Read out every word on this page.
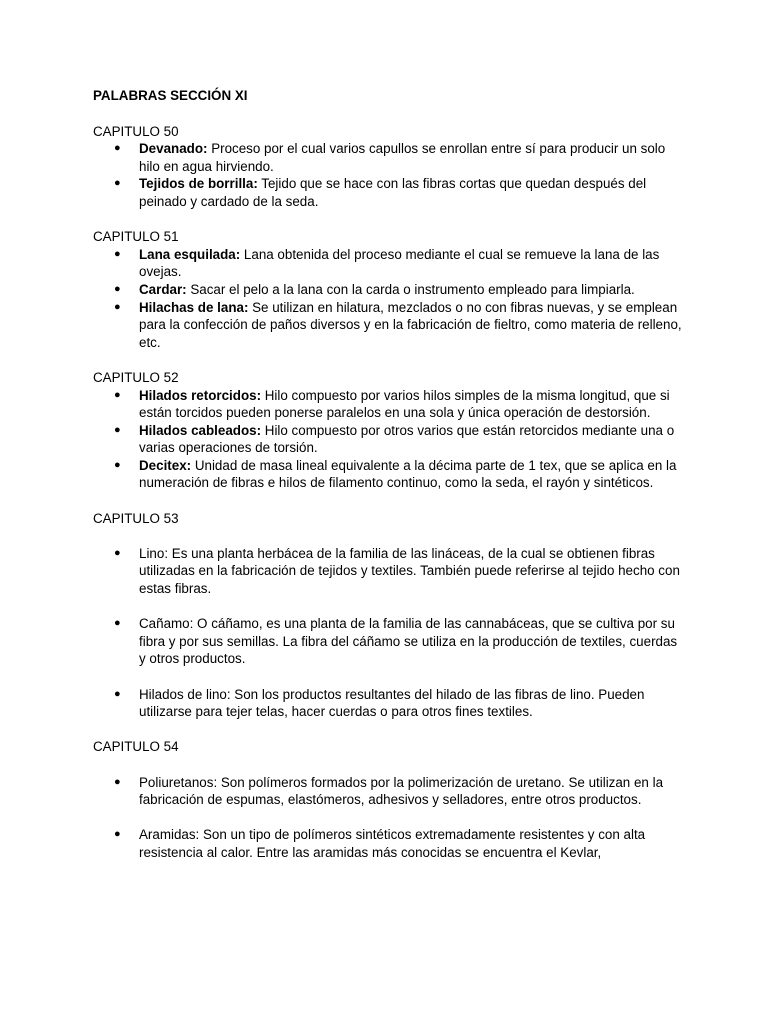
PALABRAS SECCIÓN XI

CAPITULO 50

● Devanado: Proceso por el cual varios capullos se enrollan entre sí para producir un solo hilo en agua hirviendo.
● Tejidos de borrilla: Tejido que se hace con las fibras cortas que quedan después del peinado y cardado de la seda.

CAPITULO 51

● Lana esquilada: Lana obtenida del proceso mediante el cual se remueve la lana de las ovejas.
● Cardar: Sacar el pelo a la lana con la carda o instrumento empleado para limpiarla.
● Hilachas de lana: Se utilizan en hilatura, mezclados o no con fibras nuevas, y se emplean para la confección de paños diversos y en la fabricación de fieltro, como materia de relleno, etc.

CAPITULO 52

● Hilados retorcidos: Hilo compuesto por varios hilos simples de la misma longitud, que si están torcidos pueden ponerse paralelos en una sola y única operación de destorsión.
● Hilados cableados: Hilo compuesto por otros varios que están retorcidos mediante una o varias operaciones de torsión.
● Decitex: Unidad de masa lineal equivalente a la décima parte de 1 tex, que se aplica en la numeración de fibras e hilos de filamento continuo, como la seda, el rayón y sintéticos.

CAPITULO 53

● Lino: Es una planta herbácea de la familia de las lináceas, de la cual se obtienen fibras utilizadas en la fabricación de tejidos y textiles. También puede referirse al tejido hecho con estas fibras.
● Cañamo: O cáñamo, es una planta de la familia de las cannabáceas, que se cultiva por su fibra y por sus semillas. La fibra del cáñamo se utiliza en la producción de textiles, cuerdas y otros productos.
● Hilados de lino: Son los productos resultantes del hilado de las fibras de lino. Pueden utilizarse para tejer telas, hacer cuerdas o para otros fines textiles.

CAPITULO 54

● Poliuretanos: Son polímeros formados por la polimerización de uretano. Se utilizan en la fabricación de espumas, elastómeros, adhesivos y selladores, entre otros productos.
● Aramidas: Son un tipo de polímeros sintéticos extremadamente resistentes y con alta resistencia al calor. Entre las aramidas más conocidas se encuentra el Kevlar,
